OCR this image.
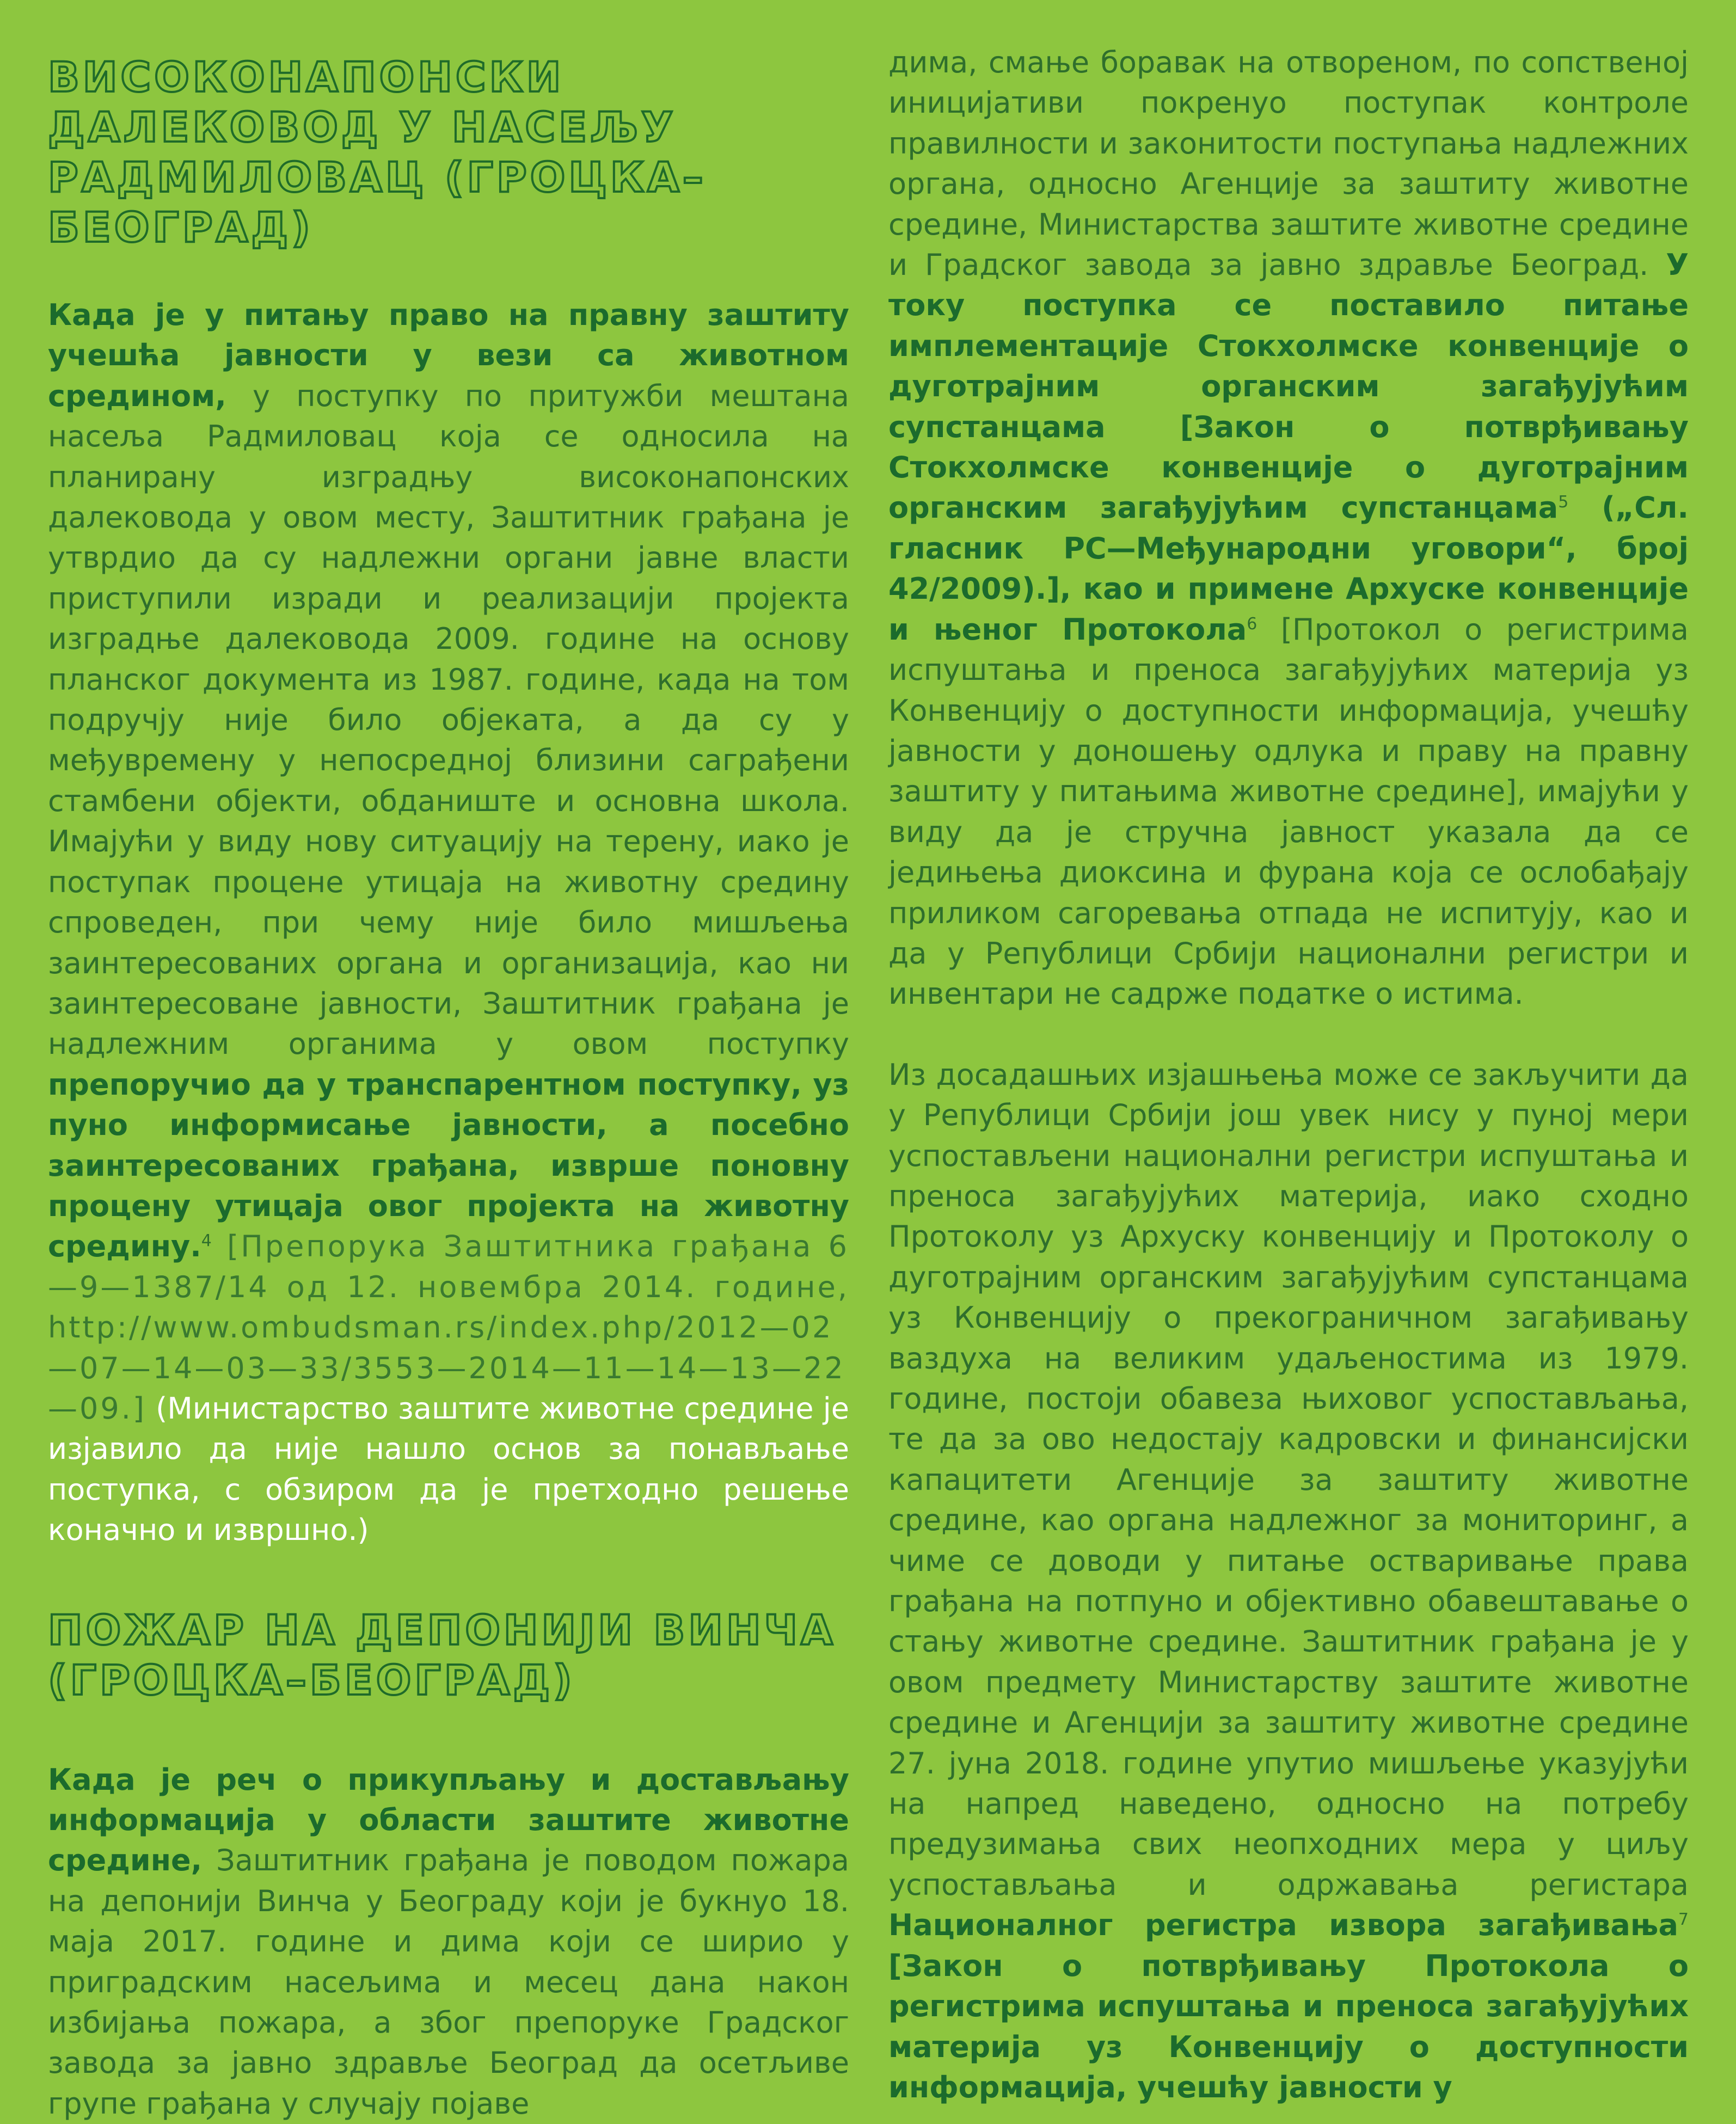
ВИСОКОНАПОНСКИ ДАЛЕКОВОД У НАСЕЉУ РАДМИЛОВАЦ (ГРОЦКА–БЕОГРАД)

Када је у питању право на правну заштиту учешћа јавности у вези са животном средином, у поступку по притужби мештана насеља Радмиловац која се односила на планирану изградњу високонапонских далековода у овом месту, Заштитник грађана је утврдио да су надлежни органи јавне власти приступили изради и реализацији пројекта изградње далековода 2009. године на основу планског документа из 1987. године, када на том подручју није било објеката, а да су у међувремену у непосредној близини саграђени стамбени објекти, обданиште и основна школа. Имајући у виду нову ситуацију на терену, иако је поступак процене утицаја на животну средину спроведен, при чему није било мишљења заинтересованих органа и организација, као ни заинтересоване јавности, Заштитник грађана је надлежним органима у овом поступку препоручио да у транспарентном поступку, уз пуно информисање јавности, а посебно заинтересованих грађана, изврше поновну процену утицаја овог пројекта на животну средину.$^4$ [Препорука Заштитника грађана 6—9—1387/14 од 12. новембра 2014. године, http://www.ombudsman.rs/index.php/2012—02—07—14—03—33/3553—2014—11—14—13—22—09.] (Министарство заштите животне средине је изјавило да није нашло основ за понављање поступка, с обзиром да је претходно решење коначно и извршно.)

ПОЖАР НА ДЕПОНИЈИ ВИНЧА (ГРОЦКА–БЕОГРАД)

Када је реч о прикупљању и достављању информација у области заштите животне средине, Заштитник грађана је поводом пожара на депонији Винча у Београду који је букнуо 18. маја 2017. године и дима који се ширио у приградским насељима и месец дана након избијања пожара, а због препоруке Градског завода за јавно здравље Београд да осетљиве групе грађана у случају појаве

дима, смање боравак на отвореном, по сопственој иницијативи покренуо поступак контроле правилности и законитости поступања надлежних органа, односно Агенције за заштиту животне средине, Министарства заштите животне средине и Градског завода за јавно здравље Београд. У току поступка се поставило питање имплементације Стокхолмске конвенције о дуготрајним органским загађујућим супстанцама [Закон о потврђивању Стокхолмске конвенције о дуготрајним органским загађујућим супстанцама$^5$ („Сл. гласник РС—Међународни уговори“, број 42/2009).], као и примене Архуске конвенције и њеног Протокола$^6$ [Протокол о регистрима испуштања и преноса загађујућих материја уз Конвенцију о доступности информација, учешћу јавности у доношењу одлука и праву на правну заштиту у питањима животне средине], имајући у виду да је стручна јавност указала да се једињења диоксина и фурана која се ослобађају приликом сагоревања отпада не испитују, као и да у Републици Србији национални регистри и инвентари не садрже податке о истима.

Из досадашњих изјашњења може се закључити да у Републици Србији још увек нису у пуној мери успостављени национални регистри испуштања и преноса загађујућих материја, иако сходно Протоколу уз Архуску конвенцију и Протоколу о дуготрајним органским загађујућим супстанцама уз Конвенцију о прекограничном загађивању ваздуха на великим удаљеностима из 1979. године, постоји обавеза њиховог успостављања, те да за ово недостају кадровски и финансијски капацитети Агенције за заштиту животне средине, као органа надлежног за мониторинг, а чиме се доводи у питање остваривање права грађана на потпуно и објективно обавештавање о стању животне средине. Заштитник грађана је у овом предмету Министарству заштите животне средине и Агенцији за заштиту животне средине 27. јуна 2018. године упутио мишљење указујући на напред наведено, односно на потребу предузимања свих неопходних мера у циљу успостављања и одржавања регистара Националног регистра извора загађивања$^7$ [Закон о потврђивању Протокола о регистрима испуштања и преноса загађујућих материја уз Конвенцију о доступности информација, учешћу јавности у
